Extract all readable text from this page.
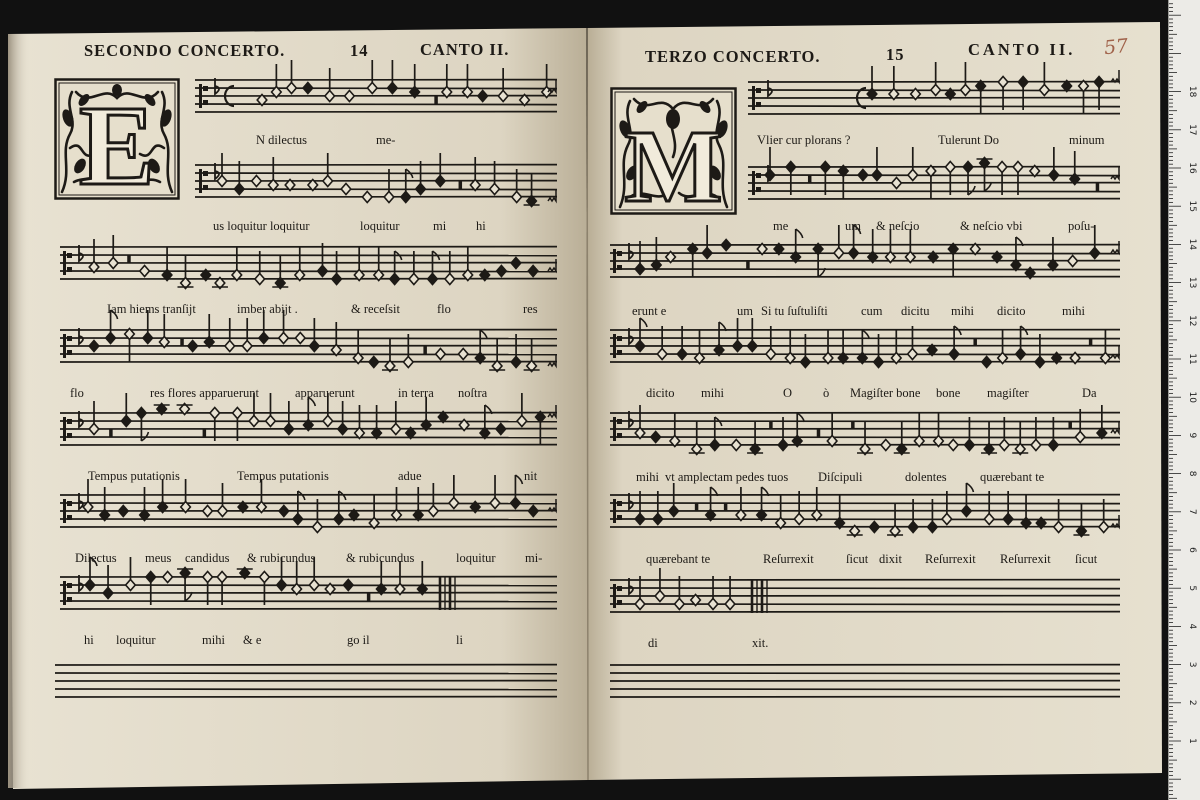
SECONDO CONCERTO.	14	CANTO II.	TERZO CONCERTO.	15	CANTO II. 57
E	M
N dilectus	me-
us loquitur loquitur	loquitur	mi hi
Iam hiems tranſijt	imber abijt .	& receſsit	flo	res
flo	res flores apparuerunt	apparuerunt	in terra noſtra
Tempus putationis	Tempus putationis	adue	nit
Dilectus meus candidus & rubicundus & rubicundus	loquitur mi-
hi loquitur	mihi & e	go il	li
Vlier cur plorans ?	Tulerunt Do	minum
me	um & neſcio	& neſcio vbi	poſu-
erunt e	um Si tu ſuſtuliſti	cum dicitu mihi dicito	mihi
dicito mihi	O ò Magiſter bone bone magiſter	Da
mihi vt amplectam pedes tuos Diſcipuli	dolentes	quærebant te
quærebant te	Reſurrexit	ſicut dixit Reſurrexit Reſurrexit ſicut
di	xit.
1
2
3
4
5
6
7
8
9
10
11
12
13
14
15
16
17
18
